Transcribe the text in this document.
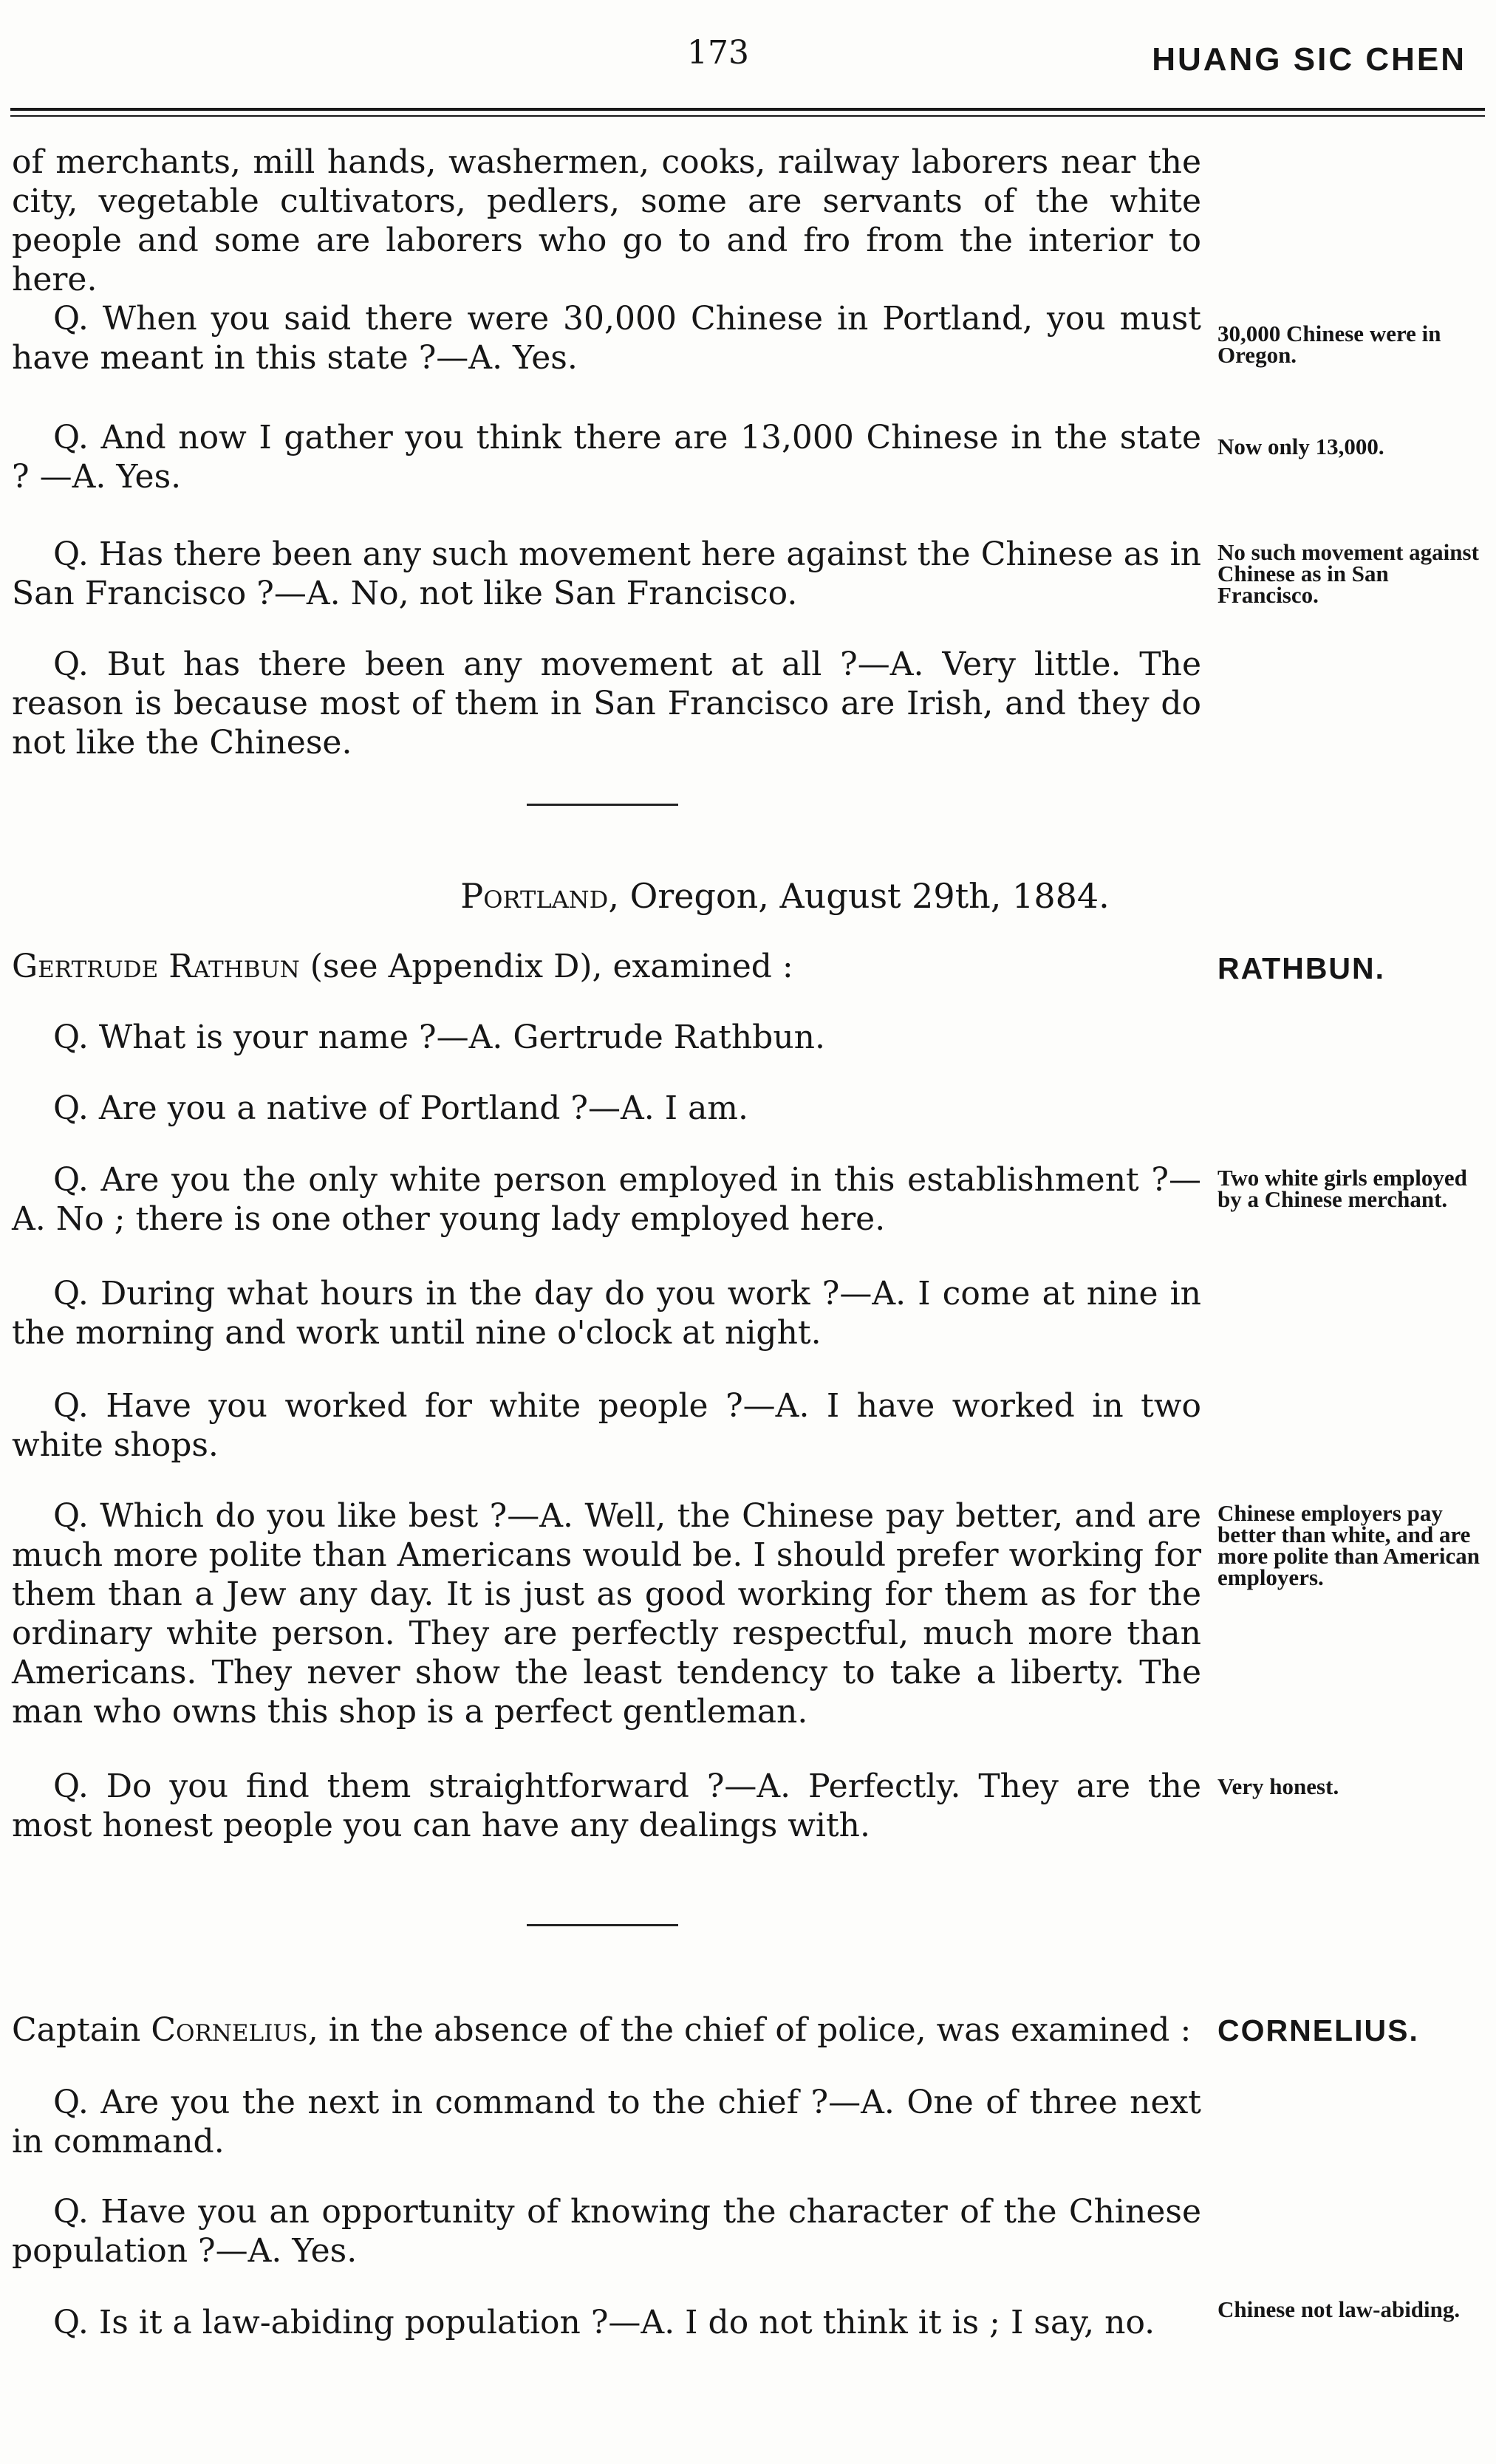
173	HUANG SIC CHEN

of merchants, mill hands, washermen, cooks, railway laborers near the city, vegetable cultivators, pedlers, some are servants of the white people and some are laborers who go to and fro from the interior to here.

Q. When you said there were 30,000 Chinese in Portland, you must have meant in this state ?—A. Yes.

Q. And now I gather you think there are 13,000 Chinese in the state ? —A. Yes.

Q. Has there been any such movement here against the Chinese as in San Francisco ?—A. No, not like San Francisco.

Q. But has there been any movement at all ?—A. Very little. The reason is because most of them in San Francisco are Irish, and they do not like the Chinese.

30,000 Chinese were in Oregon.
Now only 13,000.
No such movement against Chinese as in San Francisco.
Portland, Oregon, August 29th, 1884.
Gertrude Rathbun (see Appendix D), examined :	RATHBUN.

Q. What is your name ?—A. Gertrude Rathbun.

Q. Are you a native of Portland ?—A. I am.

Q. Are you the only white person employed in this establishment ?— A. No ; there is one other young lady employed here.

Q. During what hours in the day do you work ?—A. I come at nine in the morning and work until nine o'clock at night.

Q. Have you worked for white people ?—A. I have worked in two white shops.

Q. Which do you like best ?—A. Well, the Chinese pay better, and are much more polite than Americans would be. I should prefer working for them than a Jew any day. It is just as good working for them as for the ordinary white person. They are perfectly respectful, much more than Americans. They never show the least tendency to take a liberty. The man who owns this shop is a perfect gentleman.

Q. Do you find them straightforward ?—A. Perfectly. They are the most honest people you can have any dealings with.

Two white girls employed by a Chinese merchant.
Chinese employers pay better than white, and are more polite than American employers.
Very honest.
Captain Cornelius, in the absence of the chief of police, was examined : CORNELIUS.

Q. Are you the next in command to the chief ?—A. One of three next in command.

Q. Have you an opportunity of knowing the character of the Chinese population ?—A. Yes.

Q. Is it a law-abiding population ?—A. I do not think it is ; I say, no.	Chinese not law-abiding.
